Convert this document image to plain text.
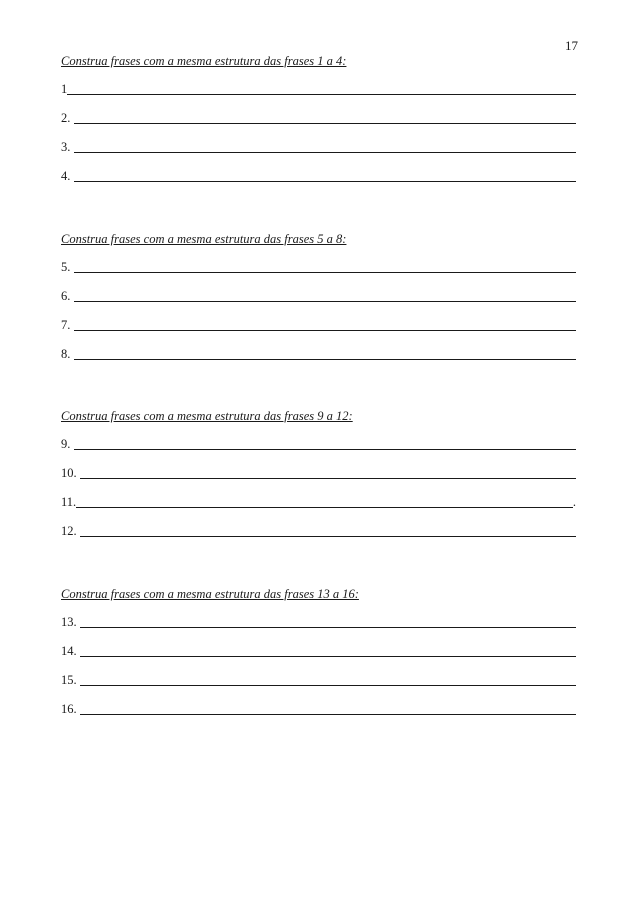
17

Construa frases com a mesma estrutura das frases 1 a 4:

1
2.
3.
4.

Construa frases com a mesma estrutura das frases 5 a 8:

5.
6.
7.
8.

Construa frases com a mesma estrutura das frases 9 a 12:

9.
10.
11.	.
12.

Construa frases com a mesma estrutura das frases 13 a 16:

13.
14.
15.
16.
